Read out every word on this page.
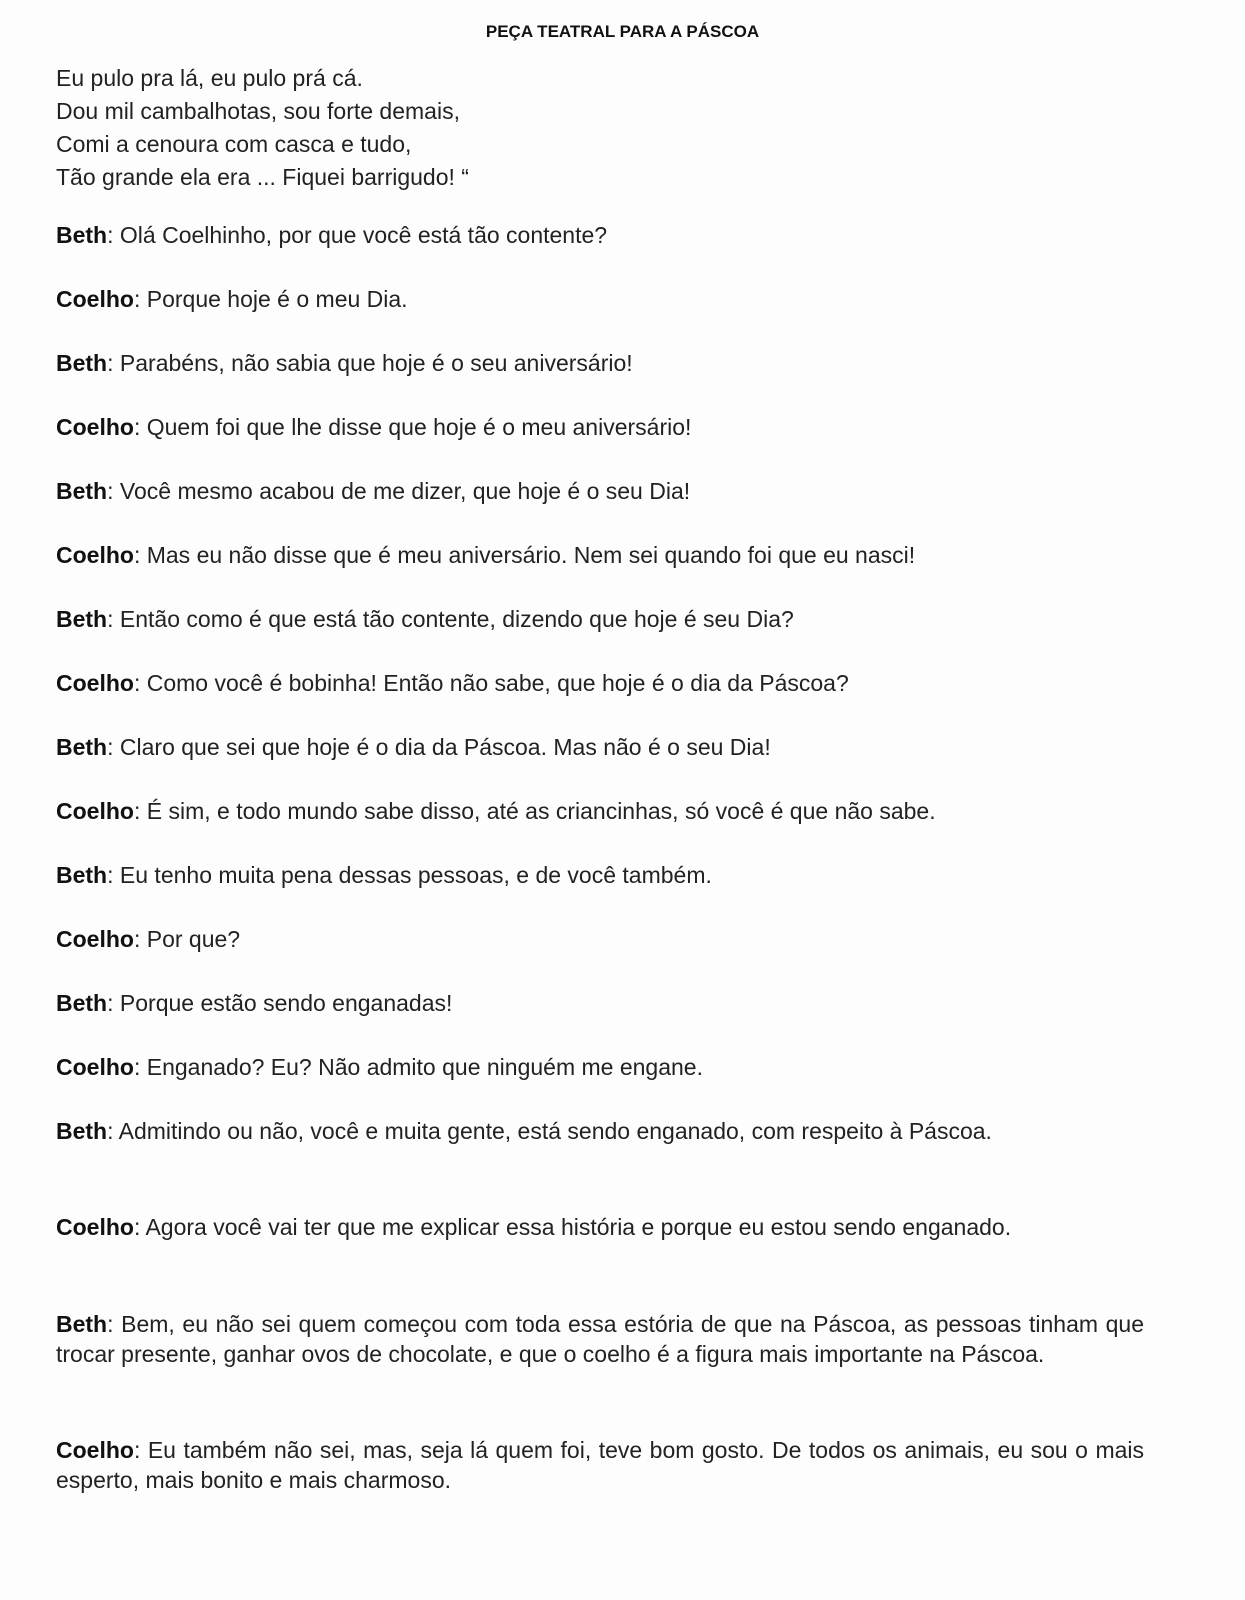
PEÇA TEATRAL PARA A PÁSCOA
Eu pulo pra lá, eu pulo prá cá.
Dou mil cambalhotas, sou forte demais,
Comi a cenoura com casca e tudo,
Tão grande ela era ... Fiquei barrigudo! “
Beth: Olá Coelhinho, por que você está tão contente?
Coelho: Porque hoje é o meu Dia.
Beth: Parabéns, não sabia que hoje é o seu aniversário!
Coelho: Quem foi que lhe disse que hoje é o meu aniversário!
Beth: Você mesmo acabou de me dizer, que hoje é o seu Dia!
Coelho: Mas eu não disse que é meu aniversário. Nem sei quando foi que eu nasci!
Beth: Então como é que está tão contente, dizendo que hoje é seu Dia?
Coelho: Como você é bobinha! Então não sabe, que hoje é o dia da Páscoa?
Beth: Claro que sei que hoje é o dia da Páscoa. Mas não é o seu Dia!
Coelho: É sim, e todo mundo sabe disso, até as criancinhas, só você é que não sabe.
Beth: Eu tenho muita pena dessas pessoas, e de você também.
Coelho: Por que?
Beth: Porque estão sendo enganadas!
Coelho: Enganado? Eu? Não admito que ninguém me engane.
Beth: Admitindo ou não, você e muita gente, está sendo enganado, com respeito à Páscoa.
Coelho: Agora você vai ter que me explicar essa história e porque eu estou sendo enganado.
Beth: Bem, eu não sei quem começou com toda essa estória de que na Páscoa, as pessoas tinham que trocar presente, ganhar ovos de chocolate, e que o coelho é a figura mais importante na Páscoa.
Coelho: Eu também não sei, mas, seja lá quem foi, teve bom gosto. De todos os animais, eu sou o mais esperto, mais bonito e mais charmoso.
